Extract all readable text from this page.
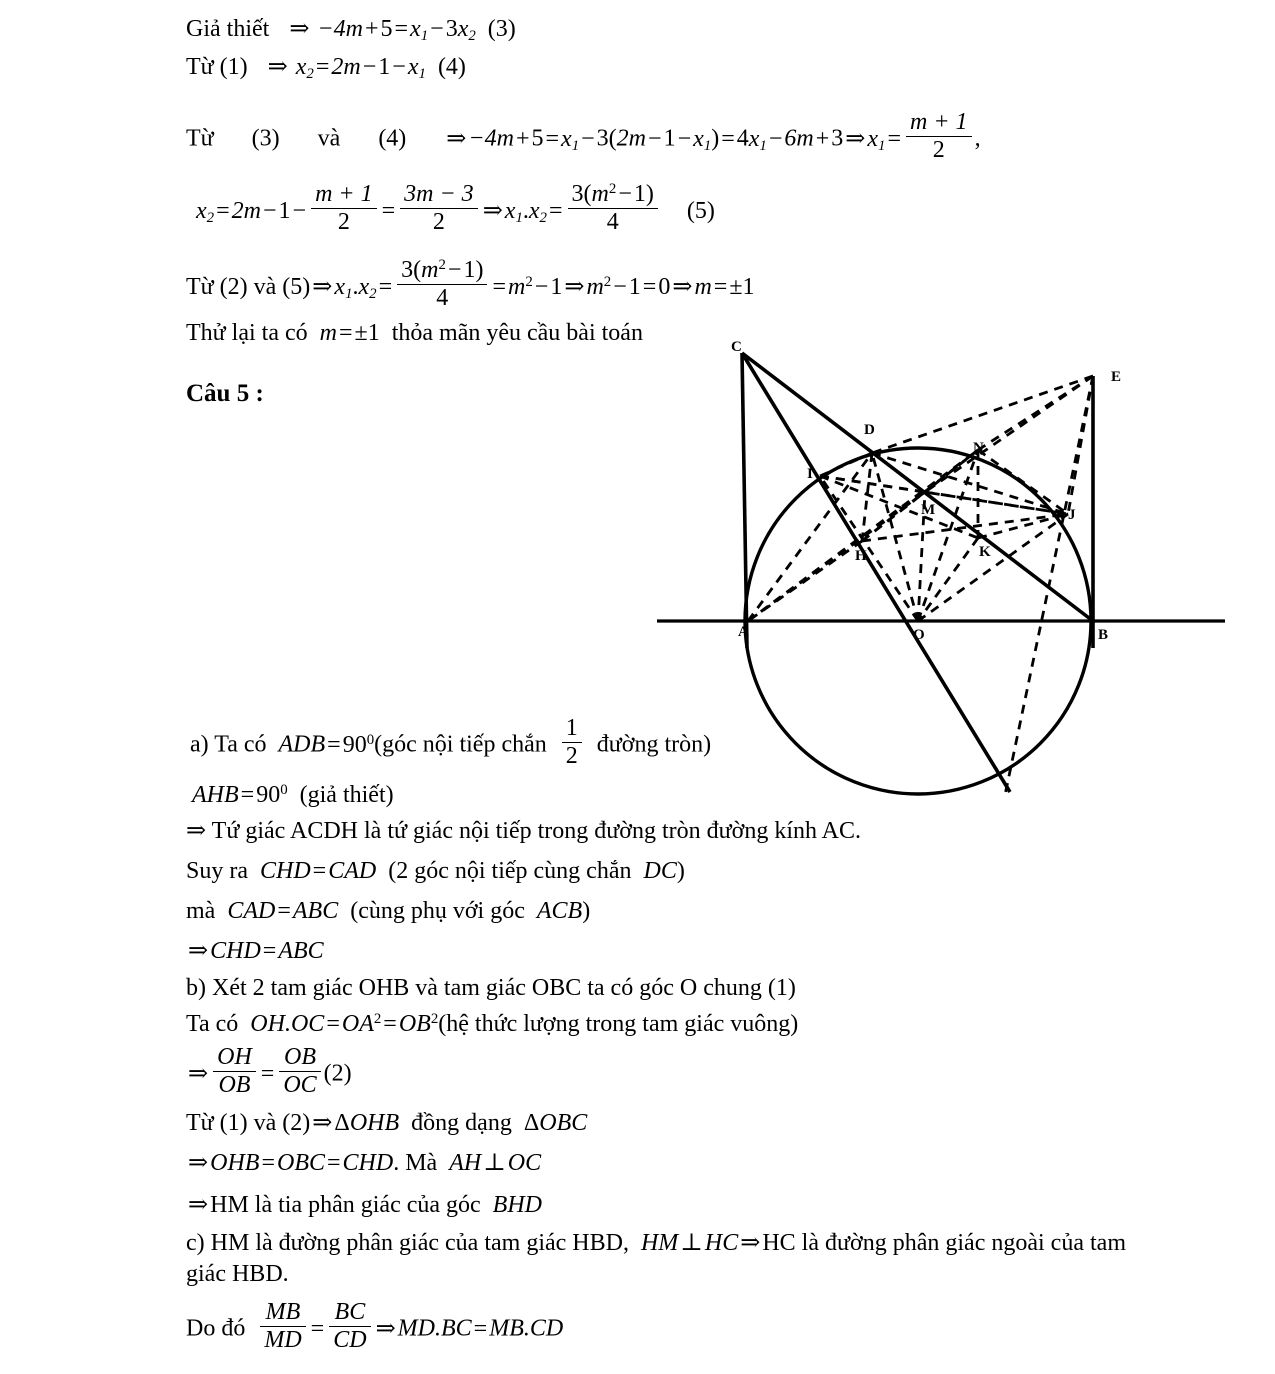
Giả thiết ⇒ $-4m+5=x_1-3x_2$ (3)
Từ (1) ⇒ $x_2=2m-1-x_1$ (4)
Từ (3) và (4) $\Rightarrow-4m+5=x_1-3(2m-1-x_1)=4x_1-6m+3\Rightarrow x_1= \frac{m + 1}{2}$ ,
$x_2=2m-1- \frac{m + 1}{2} = \frac{3m - 3}{2}$ $\Rightarrow x_1.x_2= \frac{3(m^2-1)}{4} (5)$
Từ (2) và $(5)\Rightarrow x_1.x_2= \frac{3(m^2-1)}{4}$ $=m^2-1\Rightarrow m^2-1=0\Rightarrow m=\pm 1$
Thử lại ta có m=±1 thỏa mãn yêu cầu bài toán
Câu 5 :
C
E
D
N
I
M	J
H	K
A	O	B
a) Ta có $ADB=90^0(góc$ nội tiếp chắn $\frac{1}{2}$ đường tròn)
$AHB=90^0$ (giả thiết)
⇒ Tứ giác ACDH là tứ giác nội tiếp trong đường tròn đường kính AC.
Suy ra CHD=CAD (2 góc nội tiếp cùng chắn DC)
mà CAD=ABC (cùng phụ với góc ACB)
⇒CHD=ABC
b) Xét 2 tam giác OHB và tam giác OBC ta có góc O chung (1)
Ta có $OH.OC=OA^2=OB^2(hệ$ thức lượng trong tam giác vuông)
⇒ $\frac{OH}{OB} = \frac{OB}{OC} (2)$
Từ (1) và (2)⇒ΔOHB đồng dạng ΔOBC
⇒OHB=OBC=CHD. Mà AH⊥OC
⇒HM là tia phân giác của góc BHD
c) HM là đường phân giác của tam giác HBD, HM⊥HC⇒HC là đường phân giác ngoài của tam giác HBD.
Do đó $\frac{MB}{MD} = \frac{BC}{CD}$ ⇒MD.BC=MB.CD
